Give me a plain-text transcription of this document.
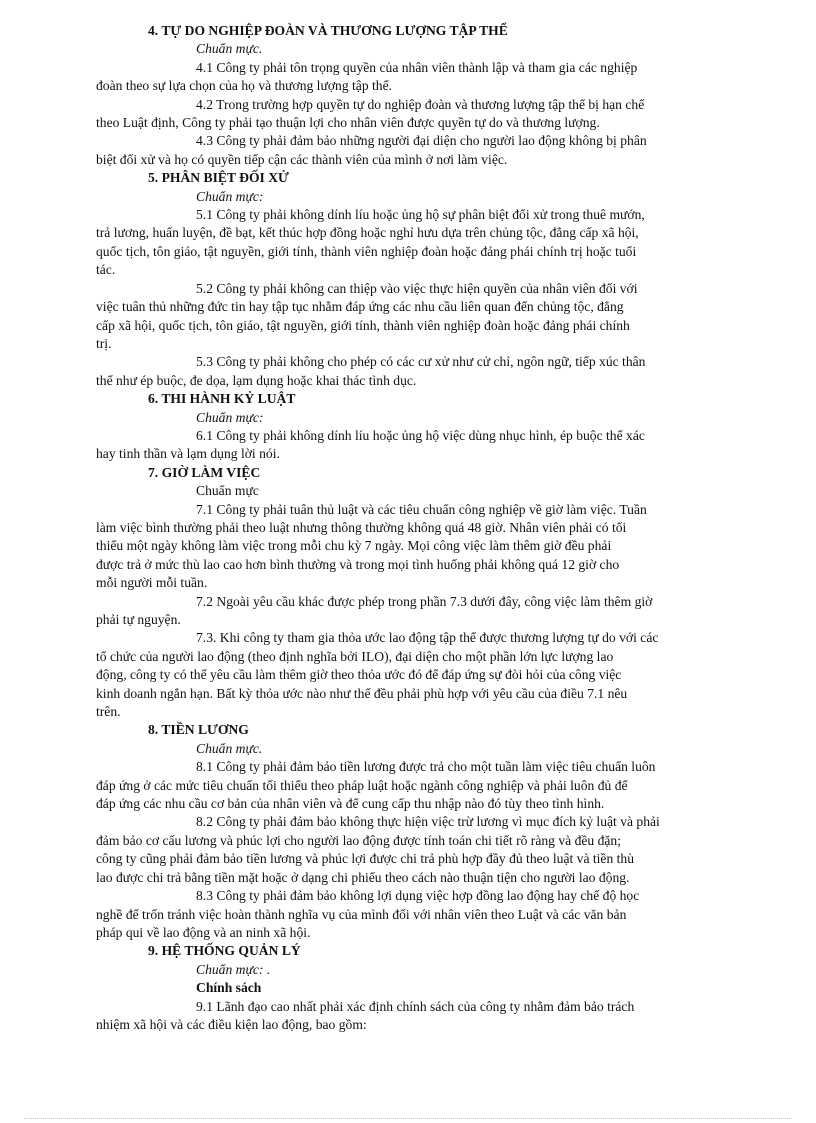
4. TỰ DO NGHIỆP ĐOÀN VÀ THƯƠNG LƯỢNG TẬP THỂ
Chuẩn mực.
4.1 Công ty phải tôn trọng quyền của nhân viên thành lập và tham gia các nghiệp
đoàn theo sự lựa chọn của họ và thương lượng tập thể.
4.2 Trong trường hợp quyền tự do nghiệp đoàn và thương lượng tập thể bị hạn chế
theo Luật định, Công ty phải tạo thuận lợi cho nhân viên được quyền tự do và thương lượng.
4.3 Công ty phải đảm bảo những người đại diện cho người lao động không bị phân
biệt đối xử và họ có quyền tiếp cận các thành viên của mình ở nơi làm việc.
5. PHÂN BIỆT ĐỐI XỬ
Chuẩn mực:
5.1 Công ty phải không dính líu hoặc ủng hộ sự phân biệt đối xử trong thuê mướn,
trả lương, huấn luyện, đề bạt, kết thúc hợp đồng hoặc nghỉ hưu dựa trên chủng tộc, đẳng cấp xã hội,
quốc tịch, tôn giáo, tật nguyền, giới tính, thành viên nghiệp đoàn hoặc đảng phái chính trị hoặc tuổi
tác.
5.2 Công ty phải không can thiệp vào việc thực hiện quyền của nhân viên đối với
việc tuân thủ những đức tin hay tập tục nhằm đáp ứng các nhu cầu liên quan đến chủng tộc, đẳng
cấp xã hội, quốc tịch, tôn giáo, tật nguyền, giới tính, thành viên nghiệp đoàn hoặc đảng phái chính
trị.
5.3 Công ty phải không cho phép có các cư xử như cử chỉ, ngôn ngữ, tiếp xúc thân
thể như ép buộc, đe dọa, lạm dụng hoặc khai thác tình dục.
6. THI HÀNH KỶ LUẬT
Chuẩn mực:
6.1 Công ty phải không dính líu hoặc ủng hộ việc dùng nhục hình, ép buộc thể xác
hay tinh thần và lạm dụng lời nói.
7. GIỜ LÀM VIỆC
Chuẩn mực
7.1 Công ty phải tuân thủ luật và các tiêu chuẩn công nghiệp về giờ làm việc. Tuần
làm việc bình thường phải theo luật nhưng thông thường không quá 48 giờ. Nhân viên phải có tối
thiểu một ngày không làm việc trong mỗi chu kỳ 7 ngày. Mọi công việc làm thêm giờ đều phải
được trả ở mức thù lao cao hơn bình thường và trong mọi tình huống phải không quá 12 giờ cho
mỗi người mỗi tuần.
7.2 Ngoài yêu cầu khác được phép trong phần 7.3 dưới đây, công việc làm thêm giờ
phải tự nguyện.
7.3. Khi công ty tham gia thỏa ước lao động tập thể được thương lượng tự do với các
tổ chức của người lao động (theo định nghĩa bởi ILO), đại diện cho một phần lớn lực lượng lao
động, công ty có thể yêu cầu làm thêm giờ theo thỏa ước đó để đáp ứng sự đòi hỏi của công việc
kinh doanh ngắn hạn. Bất kỳ thỏa ước nào như thế đều phải phù hợp với yêu cầu của điều 7.1 nêu
trên.
8. TIỀN LƯƠNG
Chuẩn mực.
8.1 Công ty phải đảm bảo tiền lương được trả cho một tuần làm việc tiêu chuẩn luôn
đáp ứng ở các mức tiêu chuẩn tối thiểu theo pháp luật hoặc ngành công nghiệp và phải luôn đủ để
đáp ứng các nhu cầu cơ bản của nhân viên và để cung cấp thu nhập nào đó tùy theo tình hình.
8.2 Công ty phải đảm bảo không thực hiện việc trừ lương vì mục đích kỷ luật và phải
đảm bảo cơ cấu lương và phúc lợi cho người lao động được tính toán chi tiết rõ ràng và đều đặn;
công ty cũng phải đảm bảo tiền lương và phúc lợi được chi trả phù hợp đầy đủ theo luật và tiền thù
lao được chi trả bằng tiền mặt hoặc ở dạng chi phiếu theo cách nào thuận tiện cho người lao động.
8.3 Công ty phải đảm bảo không lợi dụng việc hợp đồng lao động hay chế độ học
nghề để trốn tránh việc hoàn thành nghĩa vụ của mình đối với nhân viên theo Luật và các văn bản
pháp qui về lao động và an ninh xã hội.
9. HỆ THỐNG QUẢN LÝ
Chuẩn mực: .
Chính sách
9.1 Lãnh đạo cao nhất phải xác định chính sách của công ty nhằm đảm bảo trách
nhiệm xã hội và các điều kiện lao động, bao gồm:
